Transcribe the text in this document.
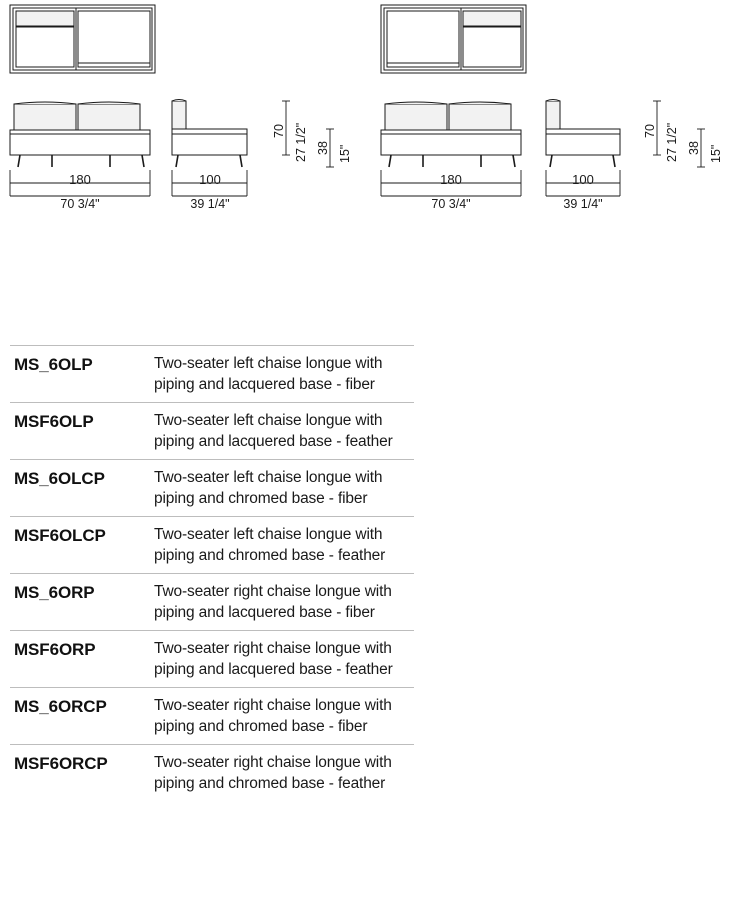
180
70 3/4"
100
39 1/4"
70 27 1/2" 38 15"
180
70 3/4"
100
39 1/4"
70 27 1/2" 38 15"
MS_6OLP	Two-seater left chaise longue with piping and lacquered base - fiber
MSF6OLP	Two-seater left chaise longue with piping and lacquered base - feather
MS_6OLCP	Two-seater left chaise longue with piping and chromed base - fiber
MSF6OLCP	Two-seater left chaise longue with piping and chromed base - feather
MS_6ORP	Two-seater right chaise longue with piping and lacquered base - fiber
MSF6ORP	Two-seater right chaise longue with piping and lacquered base - feather
MS_6ORCP	Two-seater right chaise longue with piping and chromed base - fiber
MSF6ORCP	Two-seater right chaise longue with piping and chromed base - feather
